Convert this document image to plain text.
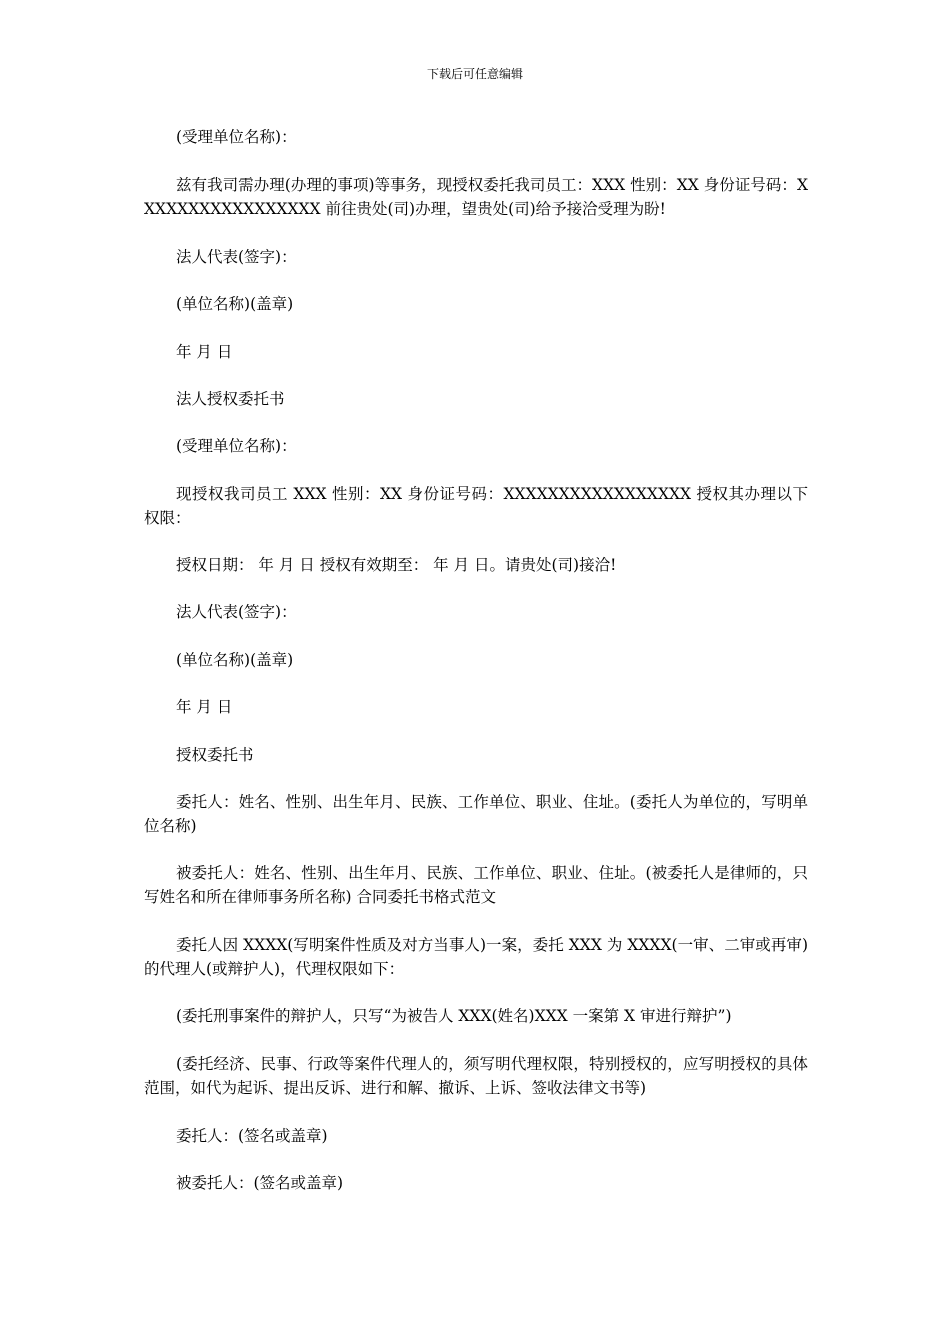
下载后可任意编辑

(受理单位名称)：

兹有我司需办理(办理的事项)等事务，现授权委托我司员工：XXX 性别：XX 身份证号码：XXXXXXXXXXXXXXXXX 前往贵处(司)办理，望贵处(司)给予接洽受理为盼!

法人代表(签字)：

(单位名称)(盖章)

年 月 日

法人授权委托书

(受理单位名称)：

现授权我司员工 XXX 性别：XX 身份证号码：XXXXXXXXXXXXXXXXX 授权其办理以下权限：

授权日期： 年 月 日 授权有效期至： 年 月 日。请贵处(司)接洽!

法人代表(签字)：

(单位名称)(盖章)

年 月 日

授权委托书

委托人：姓名、性别、出生年月、民族、工作单位、职业、住址。(委托人为单位的，写明单位名称)

被委托人：姓名、性别、出生年月、民族、工作单位、职业、住址。(被委托人是律师的，只写姓名和所在律师事务所名称) 合同委托书格式范文

委托人因 XXXX(写明案件性质及对方当事人)一案，委托 XXX 为 XXXX(一审、二审或再审)的代理人(或辩护人)，代理权限如下：

(委托刑事案件的辩护人，只写“为被告人 XXX(姓名)XXX 一案第 X 审进行辩护”)

(委托经济、民事、行政等案件代理人的，须写明代理权限，特别授权的，应写明授权的具体范围，如代为起诉、提出反诉、进行和解、撤诉、上诉、签收法律文书等)

委托人：(签名或盖章)

被委托人：(签名或盖章)
